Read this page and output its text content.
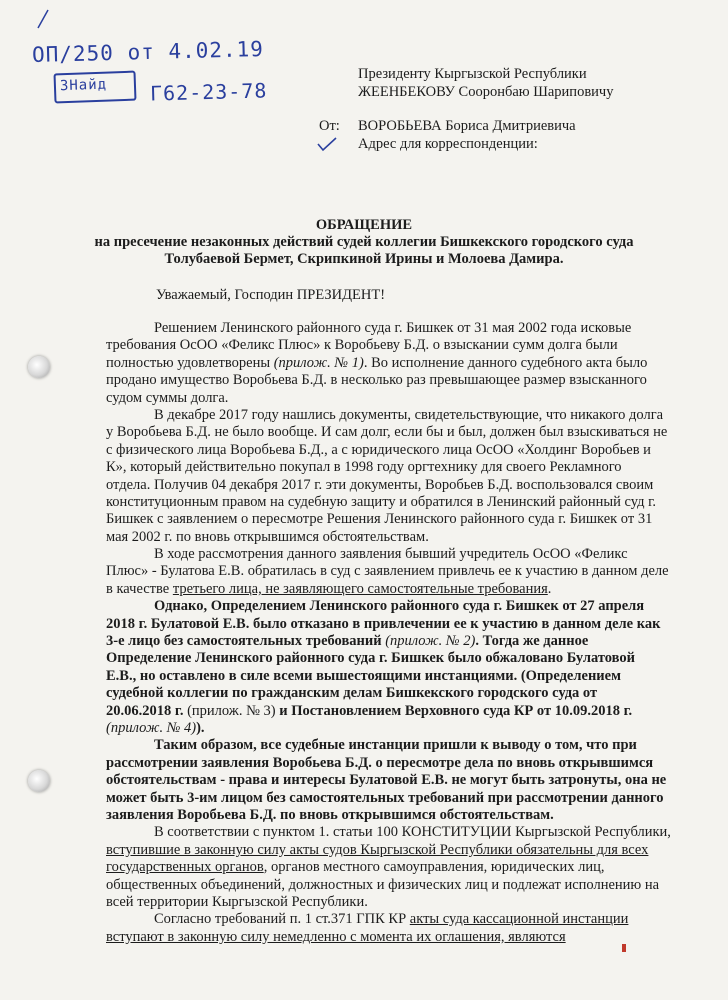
ОП/250 от 4.02.19
ЗНайд Г62-23-78
Президенту Кыргызской Республики
ЖЕЕНБЕКОВУ Сооронбаю Шариповичу
От: ВОРОБЬЕВА Бориса Дмитриевича
Адрес для корреспонденции:
ОБРАЩЕНИЕ
на пресечение незаконных действий судей коллегии Бишкекского городского суда
Толубаевой Бермет, Скрипкиной Ирины и Молоева Дамира.
Уважаемый, Господин ПРЕЗИДЕНТ!
Решением Ленинского районного суда г. Бишкек от 31 мая 2002 года исковые
требования ОсОО «Феликс Плюс» к Воробьеву Б.Д. о взыскании сумм долга были
полностью удовлетворены (прилож. № 1). Во исполнение данного судебного акта было
продано имущество Воробьева Б.Д. в несколько раз превышающее размер взысканного
судом суммы долга.
В декабре 2017 году нашлись документы, свидетельствующие, что никакого долга
у Воробьева Б.Д. не было вообще. И сам долг, если бы и был, должен был взыскиваться не
с физического лица Воробьева Б.Д., а с юридического лица ОсОО «Холдинг Воробьев и
К», который действительно покупал в 1998 году оргтехнику для своего Рекламного
отдела. Получив 04 декабря 2017 г. эти документы, Воробьев Б.Д. воспользовался своим
конституционным правом на судебную защиту и обратился в Ленинский районный суд г.
Бишкек с заявлением о пересмотре Решения Ленинского районного суда г. Бишкек от 31
мая 2002 г. по вновь открывшимся обстоятельствам.
В ходе рассмотрения данного заявления бывший учредитель ОсОО «Феликс
Плюс» - Булатова Е.В. обратилась в суд с заявлением привлечь ее к участию в данном деле
в качестве третьего лица, не заявляющего самостоятельные требования.
Однако, Определением Ленинского районного суда г. Бишкек от 27 апреля
2018 г. Булатовой Е.В. было отказано в привлечении ее к участию в данном деле как
3-е лицо без самостоятельных требований (прилож. № 2). Тогда же данное
Определение Ленинского районного суда г. Бишкек было обжаловано Булатовой
Е.В., но оставлено в силе всеми вышестоящими инстанциями. (Определением
судебной коллегии по гражданским делам Бишкекского городского суда от
20.06.2018 г. (прилож. № 3) и Постановлением Верховного суда КР от 10.09.2018 г.
(прилож. № 4)).
Таким образом, все судебные инстанции пришли к выводу о том, что при
рассмотрении заявления Воробьева Б.Д. о пересмотре дела по вновь открывшимся
обстоятельствам - права и интересы Булатовой Е.В. не могут быть затронуты, она не
может быть 3-им лицом без самостоятельных требований при рассмотрении данного
заявления Воробьева Б.Д. по вновь открывшимся обстоятельствам.
В соответствии с пунктом 1. статьи 100 КОНСТИТУЦИИ Кыргызской Республики,
вступившие в законную силу акты судов Кыргызской Республики обязательны для всех
государственных органов, органов местного самоуправления, юридических лиц,
общественных объединений, должностных и физических лиц и подлежат исполнению на
всей территории Кыргызской Республики.
Согласно требований п. 1 ст.371 ГПК КР акты суда кассационной инстанции
вступают в законную силу немедленно с момента их оглашения, являются
